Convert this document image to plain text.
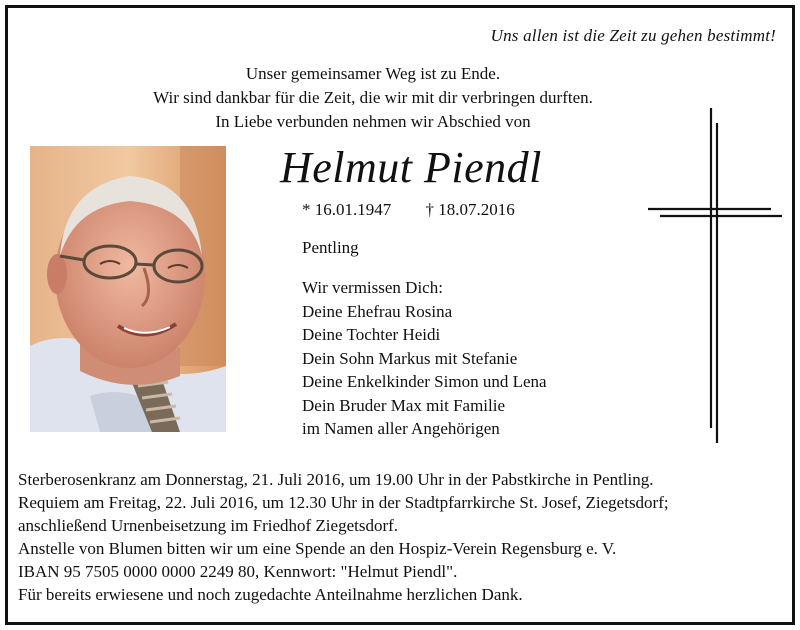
Uns allen ist die Zeit zu gehen bestimmt!
Unser gemeinsamer Weg ist zu Ende.
Wir sind dankbar für die Zeit, die wir mit dir verbringen durften.
In Liebe verbunden nehmen wir Abschied von
Helmut Piendl
* 16.01.1947 † 18.07.2016
Pentling
Wir vermissen Dich:
Deine Ehefrau Rosina
Deine Tochter Heidi
Dein Sohn Markus mit Stefanie
Deine Enkelkinder Simon und Lena
Dein Bruder Max mit Familie
im Namen aller Angehörigen
Sterberosenkranz am Donnerstag, 21. Juli 2016, um 19.00 Uhr in der Pabstkirche in Pentling.
Requiem am Freitag, 22. Juli 2016, um 12.30 Uhr in der Stadtpfarrkirche St. Josef, Ziegetsdorf;
anschließend Urnenbeisetzung im Friedhof Ziegetsdorf.
Anstelle von Blumen bitten wir um eine Spende an den Hospiz-Verein Regensburg e. V.
IBAN 95 7505 0000 0000 2249 80, Kennwort: "Helmut Piendl".
Für bereits erwiesene und noch zugedachte Anteilnahme herzlichen Dank.
